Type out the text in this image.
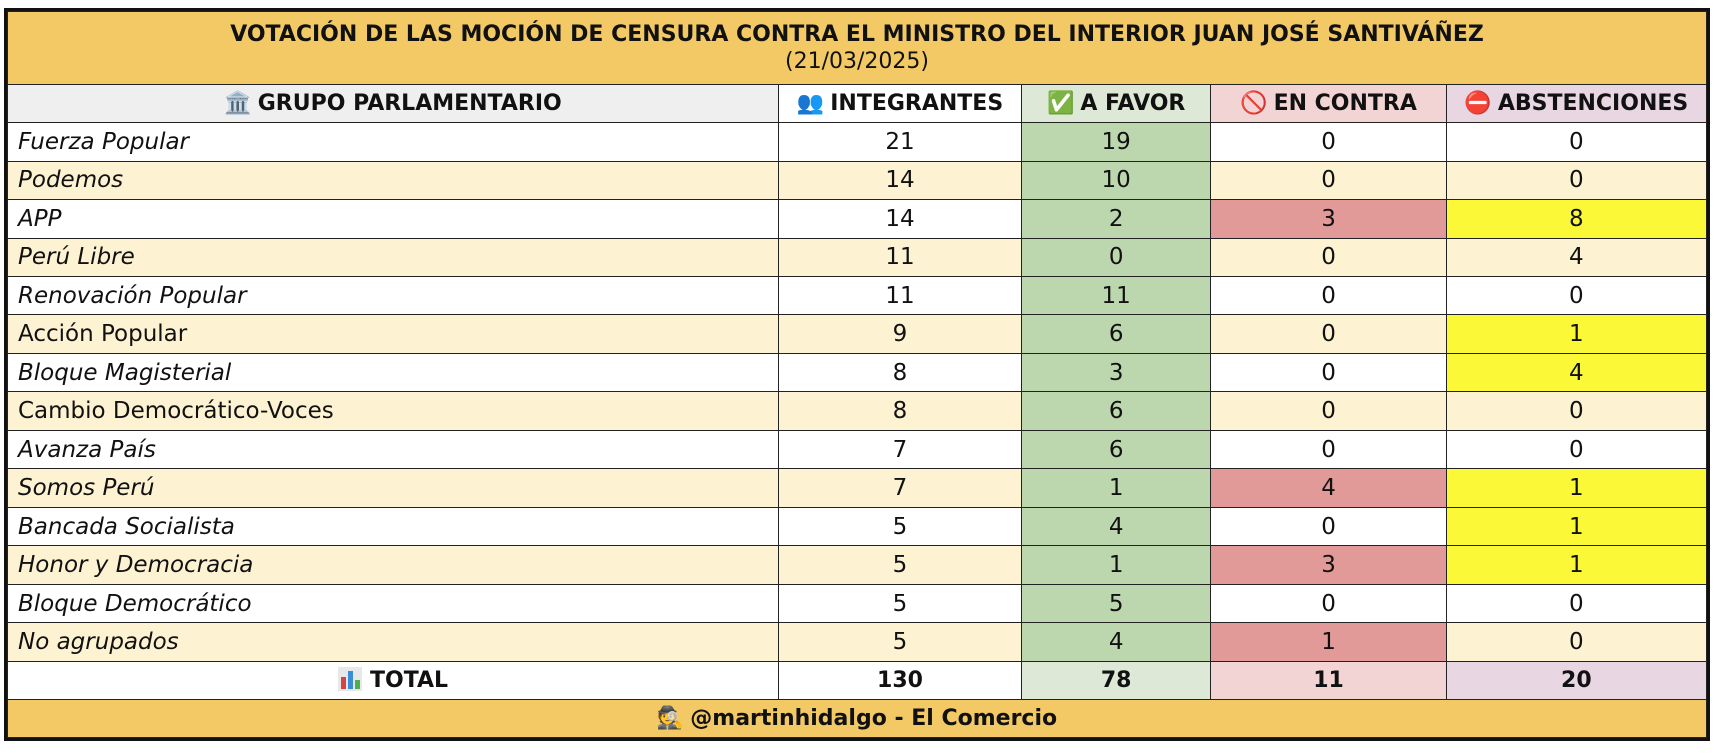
VOTACIÓN DE LAS MOCIÓN DE CENSURA CONTRA EL MINISTRO DEL INTERIOR JUAN JOSÉ SANTIVÁÑEZ
(21/03/2025)				

🏛️ GRUPO PARLAMENTARIO	👥 INTEGRANTES	✅ A FAVOR	🚫 EN CONTRA	⛔ ABSTENCIONES
Fuerza Popular	21	19	0	0
Podemos	14	10	0	0
APP	14	2	3	8
Perú Libre	11	0	0	4
Renovación Popular	11	11	0	0
Acción Popular	9	6	0	1
Bloque Magisterial	8	3	0	4
Cambio Democrático-Voces	8	6	0	0
Avanza País	7	6	0	0
Somos Perú	7	1	4	1
Bancada Socialista	5	4	0	1
Honor y Democracia	5	1	3	1
Bloque Democrático	5	5	0	0
No agrupados	5	4	1	0
TOTAL	130	78	11	20
🕵️ @martinhidalgo - El Comercio				
